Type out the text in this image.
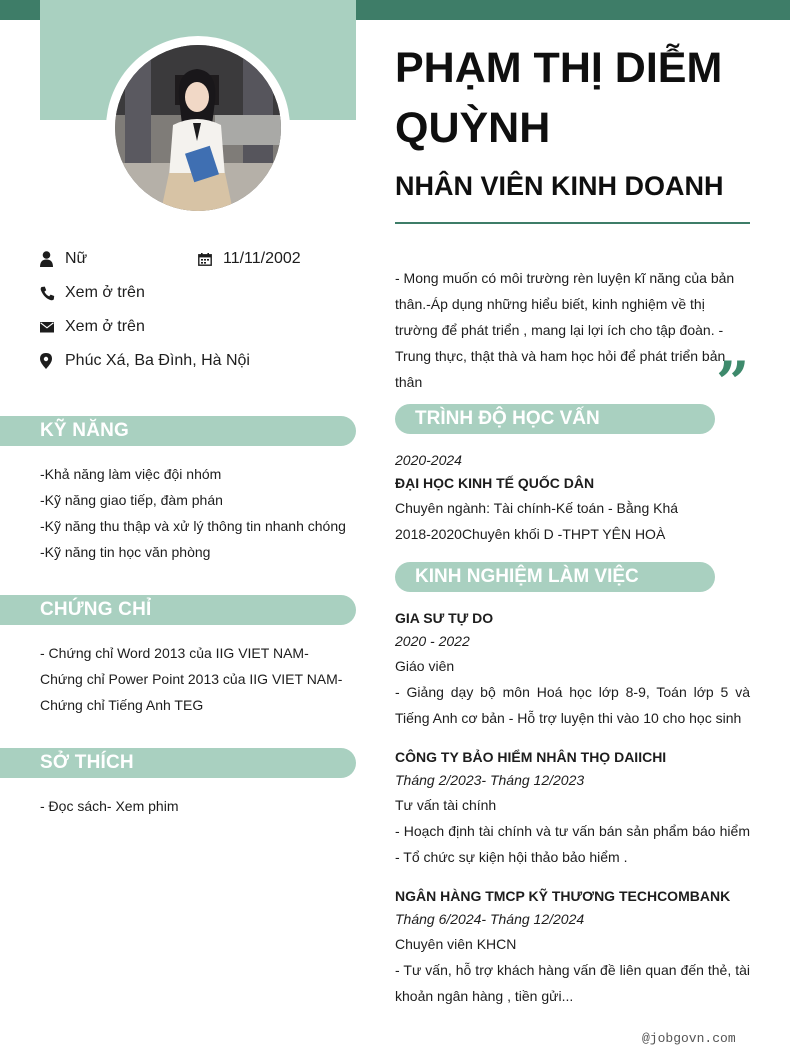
Nữ	11/11/2002
Xem ở trên
Xem ở trên
Phúc Xá, Ba Đình, Hà Nội
KỸ NĂNG
-Khả năng làm việc đội nhóm
-Kỹ năng giao tiếp, đàm phán
-Kỹ năng thu thập và xử lý thông tin nhanh chóng
-Kỹ năng tin học văn phòng
CHỨNG CHỈ
- Chứng chỉ Word 2013 của IIG VIET NAM- Chứng chỉ Power Point 2013 của IIG VIET NAM- Chứng chỉ Tiếng Anh TEG
SỞ THÍCH
- Đọc sách- Xem phim
PHẠM THỊ DIỄM QUỲNH
NHÂN VIÊN KINH DOANH
- Mong muốn có môi trường rèn luyện kĩ năng của bản thân.-Áp dụng những hiểu biết, kinh nghiệm về thị trường để phát triển , mang lại lợi ích cho tập đoàn. - Trung thực, thật thà và ham học hỏi để phát triển bản thân	”
TRÌNH ĐỘ HỌC VẤN
2020-2024
ĐẠI HỌC KINH TẾ QUỐC DÂN
Chuyên ngành: Tài chính-Kế toán - Bằng Khá
2018-2020Chuyên khối D -THPT YÊN HOÀ
KINH NGHIỆM LÀM VIỆC
GIA SƯ TỰ DO
2020 - 2022
Giáo viên
- Giảng dạy bộ môn Hoá học lớp 8-9, Toán lớp 5 và Tiếng Anh cơ bản - Hỗ trợ luyện thi vào 10 cho học sinh
CÔNG TY BẢO HIỂM NHÂN THỌ DAIICHI
Tháng 2/2023- Tháng 12/2023
Tư vấn tài chính
- Hoạch định tài chính và tư vấn bán sản phẩm báo hiểm - Tổ chức sự kiện hội thảo bảo hiểm .
NGÂN HÀNG TMCP KỸ THƯƠNG TECHCOMBANK
Tháng 6/2024- Tháng 12/2024
Chuyên viên KHCN
- Tư vấn, hỗ trợ khách hàng vấn đề liên quan đến thẻ, tài khoản ngân hàng , tiền gửi...
@jobgovn.com
